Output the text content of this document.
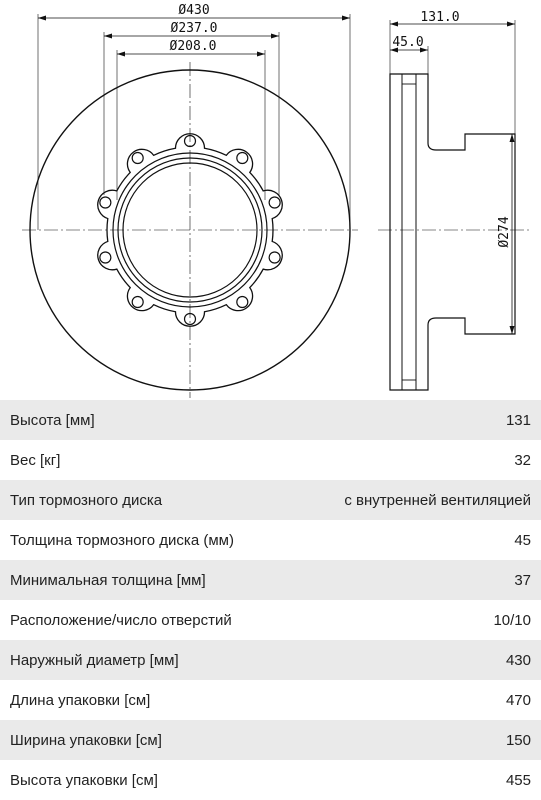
Ø430
Ø237.0
Ø208.0
131.0
45.0
Ø274
Высота [мм]	131
Вес [кг]	32
Тип тормозного диска	с внутренней вентиляцией
Толщина тормозного диска (мм)	45
Минимальная толщина [мм]	37
Расположение/число отверстий	10/10
Наружный диаметр [мм]	430
Длина упаковки [см]	470
Ширина упаковки [см]	150
Высота упаковки [см]	455
